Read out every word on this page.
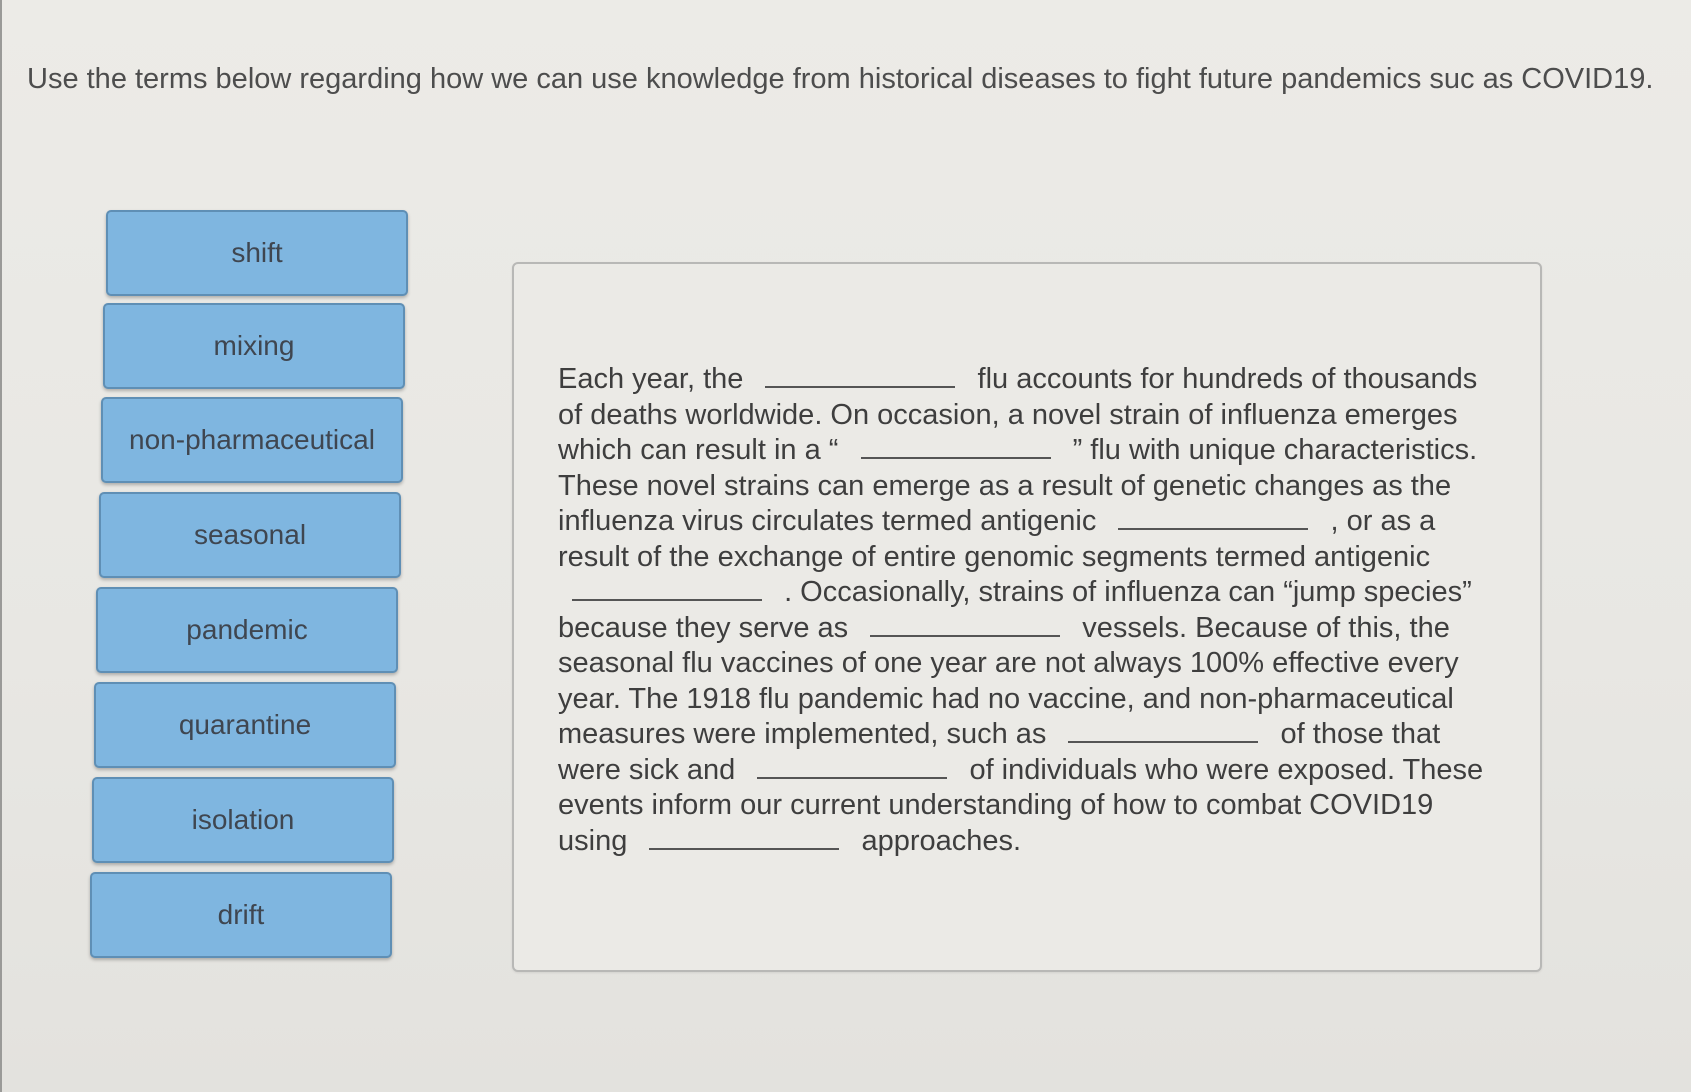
Use the terms below regarding how we can use knowledge from historical diseases to fight future pandemics suc as COVID19.
shift
mixing
non-pharmaceutical
seasonal
pandemic
quarantine
isolation
drift
Each year, the	flu accounts for hundreds of thousands of deaths worldwide. On occasion, a novel strain of influenza emerges which can result in a “	” flu with unique characteristics. These novel strains can emerge as a result of genetic changes as the influenza virus circulates termed antigenic	, or as a result of the exchange of entire genomic segments termed antigenic  . Occasionally, strains of influenza can “jump species” because they serve as	vessels. Because of this, the seasonal flu vaccines of one year are not always 100% effective every year. The 1918 flu pandemic had no vaccine, and non-pharmaceutical measures were implemented, such as	of those that were sick and	of individuals who were exposed. These events inform our current understanding of how to combat COVID19 using	approaches.
